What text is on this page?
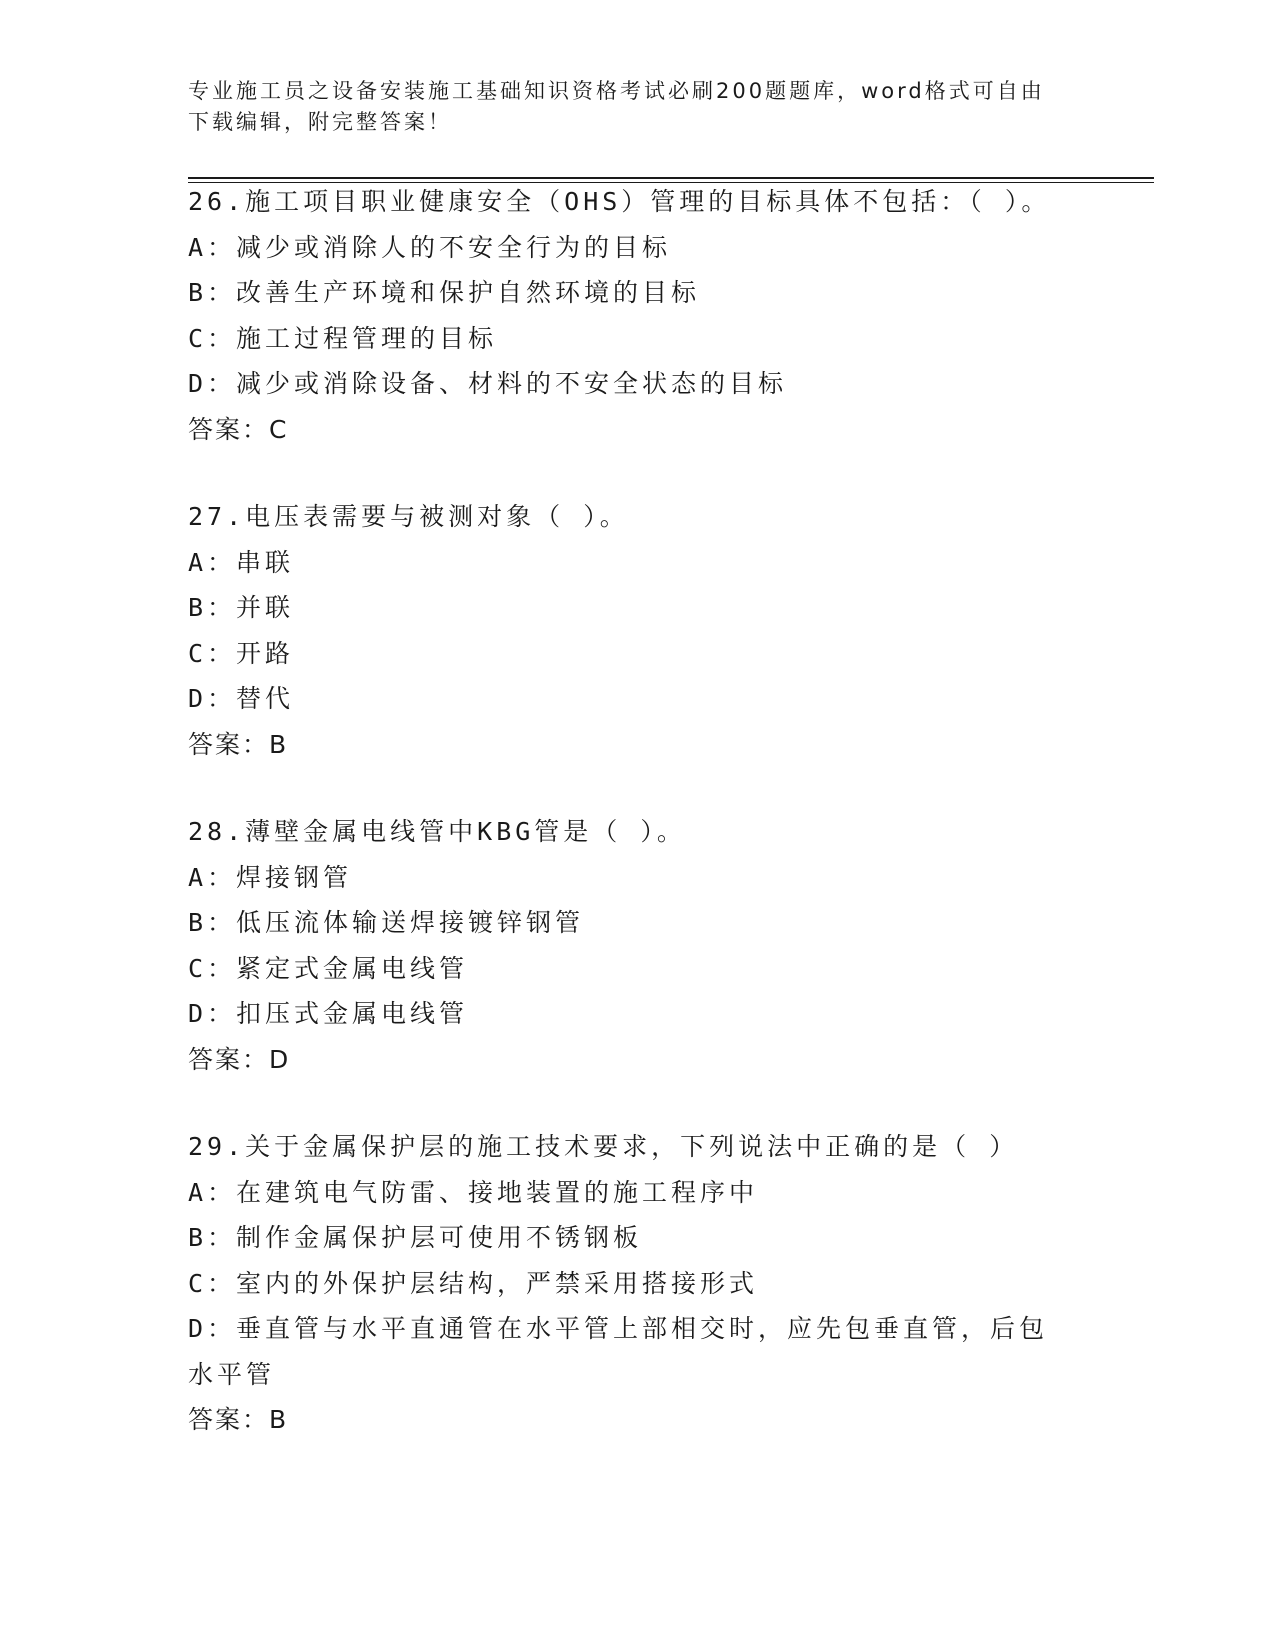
专业施工员之设备安装施工基础知识资格考试必刷200题题库，word格式可自由下载编辑，附完整答案！
26.施工项目职业健康安全（OHS）管理的目标具体不包括：（ ）。
A：减少或消除人的不安全行为的目标
B：改善生产环境和保护自然环境的目标
C：施工过程管理的目标
D：减少或消除设备、材料的不安全状态的目标
答案：C
27.电压表需要与被测对象（ ）。
A：串联
B：并联
C：开路
D：替代
答案：B
28.薄壁金属电线管中KBG管是（ ）。
A：焊接钢管
B：低压流体输送焊接镀锌钢管
C：紧定式金属电线管
D：扣压式金属电线管
答案：D
29.关于金属保护层的施工技术要求，下列说法中正确的是（ ）
A：在建筑电气防雷、接地装置的施工程序中
B：制作金属保护层可使用不锈钢板
C：室内的外保护层结构，严禁采用搭接形式
D：垂直管与水平直通管在水平管上部相交时，应先包垂直管，后包水平管
答案：B
